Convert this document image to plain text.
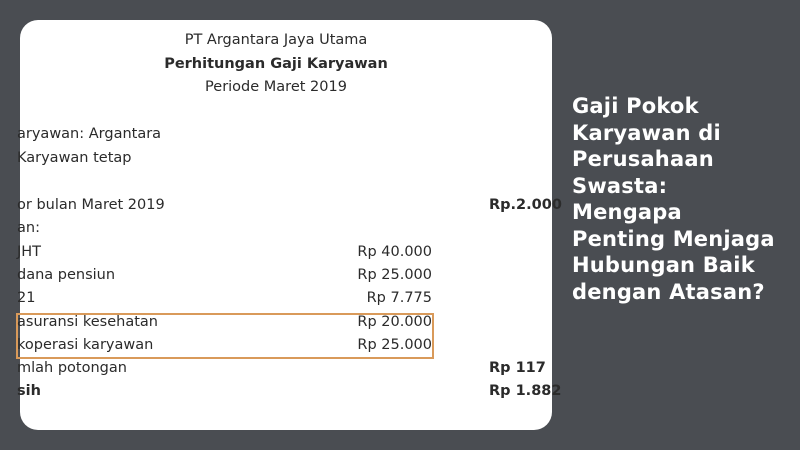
PT Argantara Jaya Utama
Perhitungan Gaji Karyawan
Periode Maret 2019
aryawan: Argantara
Karyawan tetap
or bulan Maret 2019	Rp.2.000
an:
JHT	Rp 40.000
dana pensiun	Rp 25.000
21	Rp 7.775
asuransi kesehatan	Rp 20.000
koperasi karyawan	Rp 25.000
mlah potongan	Rp 117
sih	Rp 1.882
Gaji Pokok Karyawan di Perusahaan Swasta: Mengapa Penting Menjaga Hubungan Baik dengan Atasan?
